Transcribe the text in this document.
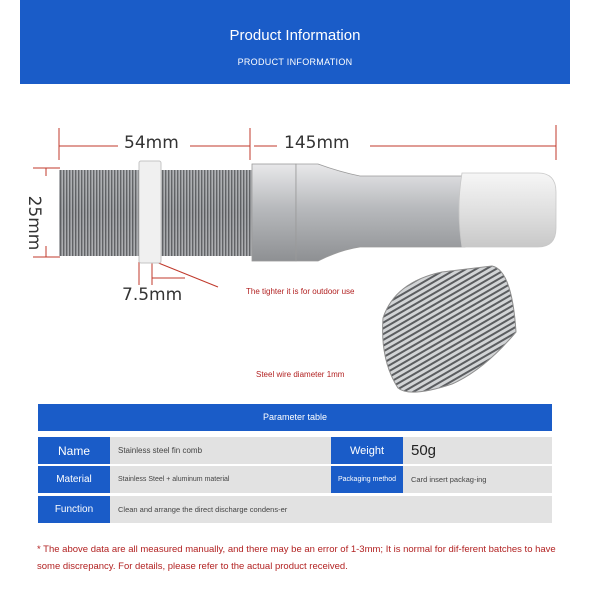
Product Information
PRODUCT INFORMATION
54mm	145mm
25mm
7.5mm	The tighter it is for outdoor use
Steel wire diameter 1mm
Parameter table
Name	Stainless steel fin comb	Weight	50g
Material	Stainless Steel + aluminum material	Packaging method	Card insert packag-ing
Function	Clean and arrange the direct discharge condens-er
* The above data are all measured manually, and there may be an error of 1-3mm; It is normal for dif-ferent batches to have some discrepancy. For details, please refer to the actual product received.
